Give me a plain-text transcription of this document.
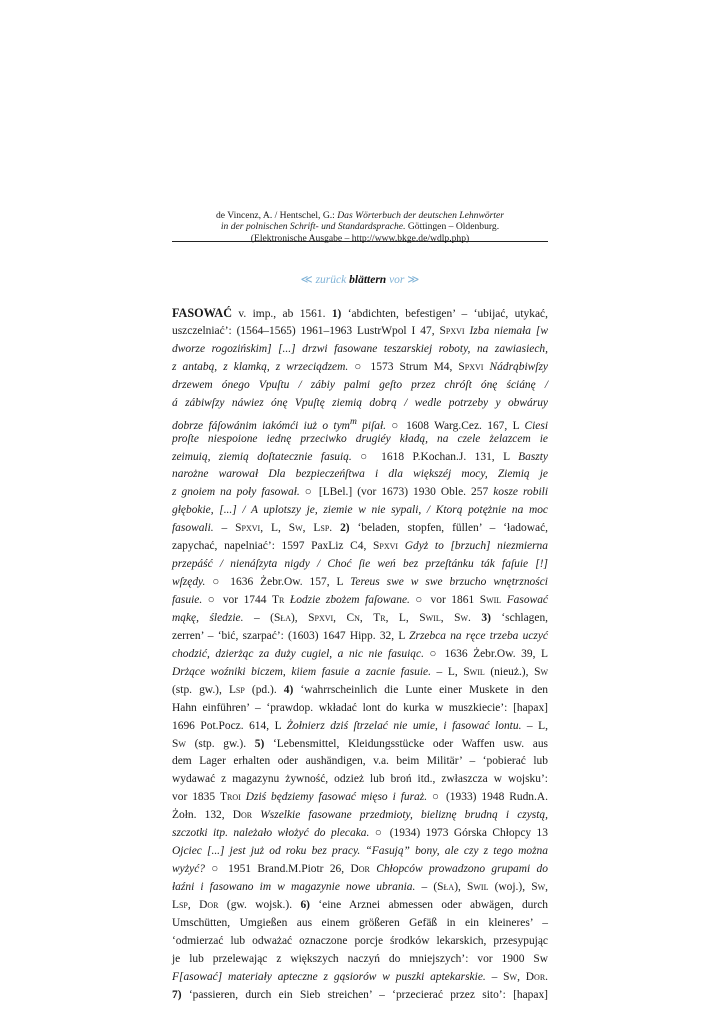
de Vincenz, A. / Hentschel, G.: Das Wörterbuch der deutschen Lehnwörter
in der polnischen Schrift- und Standardsprache. Göttingen – Oldenburg.
(Elektronische Ausgabe – http://www.bkge.de/wdlp.php)
≪ zurück blättern vor ≫
FASOWAĆ v. imp., ab 1561. 1) ‘abdichten, befestigen’ – ‘ubijać, utykać,
uszczelniać’: (1564–1565) 1961–1963 LustrWpol I 47, Spxvi Izba niemała [w
dworze rogozińskim] [...] drzwi fasowane teszarskiej roboty, na zawiasiech,
z antabą, z klamką, z wrzeciądzem. ○ 1573 Strum M4, Spxvi Nádrąbiwſzy
drzewem ónego Vpuſtu / zábiy palmi geſto przez chróſt ónę ściánę /
á zábiwſzy náwiez ónę Vpuſtę ziemią dobrą / wedle potrzeby y obwáruy
dobrze fáſowánim iakómći iuż o tym$^m$ piſał. ○ 1608 Warg.Cez. 167, L Ciesi
proſte niespoione iednę przeciwko drugiéy kładą, na czele żelazcem ie
zeimuią, ziemią doſtatecznie fasuią. ○ 1618 P.Kochan.J. 131, L Baszty
narożne warował Dla bezpieczeńſtwa i dla większéj mocy, Ziemią je
z gnoiem na poły fasował. ○ [LBel.] (vor 1673) 1930 Oble. 257 kosze robili
głębokie, [...] / A uplotszy je, ziemie w nie sypali, / Ktorą potężnie na moc
fasowali. – Spxvi, L, Sw, Lsp. 2) ‘beladen, stopfen, füllen’ – ‘ładować,
zapychać, napelniać’: 1597 PaxLiz C4, Spxvi Gdyż to [brzuch] niezmierna
przepáść / nienáſzyta nigdy / Choć ſie weń bez przeſtánku ták faſuie [!]
wſzędy. ○ 1636 Żebr.Ow. 157, L Tereus swe w swe brzucho wnętrzności
fasuie. ○ vor 1744 Tr Łodzie zbożem faſowane. ○ vor 1861 Swil Fasować
mąkę, śledzie. – (Sła), Spxvi, Cn, Tr, L, Swil, Sw. 3) ‘schlagen,
zerren’ – ‘bić, szarpać’: (1603) 1647 Hipp. 32, L Zrzebca na ręce trzeba uczyć
chodzić, dzierżąc za duży cugiel, a nic nie fasuiąc. ○ 1636 Żebr.Ow. 39, L
Drżące woźniki biczem, kiiem fasuie a zacnie fasuie. – L, Swil (nieuż.), Sw
(stp. gw.), Lsp (pd.). 4) ‘wahrrscheinlich die Lunte einer Muskete in den
Hahn einführen’ – ‘prawdop. wkładać lont do kurka w muszkiecie’: [hapax]
1696 Pot.Pocz. 614, L Żołnierz dziś ſtrzelać nie umie, i fasować lontu. – L,
Sw (stp. gw.). 5) ‘Lebensmittel, Kleidungsstücke oder Waffen usw. aus
dem Lager erhalten oder aushändigen, v.a. beim Militär’ – ‘pobierać lub
wydawać z magazynu żywność, odzież lub broń itd., zwłaszcza w wojsku’:
vor 1835 Troi Dziś będziemy fasować mięso i furaż. ○ (1933) 1948 Rudn.A.
Żołn. 132, Dor Wszelkie fasowane przedmioty, bieliznę brudną i czystą,
szczotki itp. należało włożyć do plecaka. ○ (1934) 1973 Górska Chłopcy 13
Ojciec [...] jest już od roku bez pracy. “Fasują” bony, ale czy z tego można
wyżyć? ○ 1951 Brand.M.Piotr 26, Dor Chłopców prowadzono grupami do
łaźni i fasowano im w magazynie nowe ubrania. – (Sła), Swil (woj.), Sw,
Lsp, Dor (gw. wojsk.). 6) ‘eine Arznei abmessen oder abwägen, durch
Umschütten, Umgießen aus einem größeren Gefäß in ein kleineres’ –
‘odmierzać lub odważać oznaczone porcje środków lekarskich, przesypując
je lub przelewając z większych naczyń do mniejszych’: vor 1900 Sw
F[asować] materiały apteczne z gąsiorów w puszki aptekarskie. – Sw, Dor.
7) ‘passieren, durch ein Sieb streichen’ – ‘przecierać przez sito’: [hapax]
